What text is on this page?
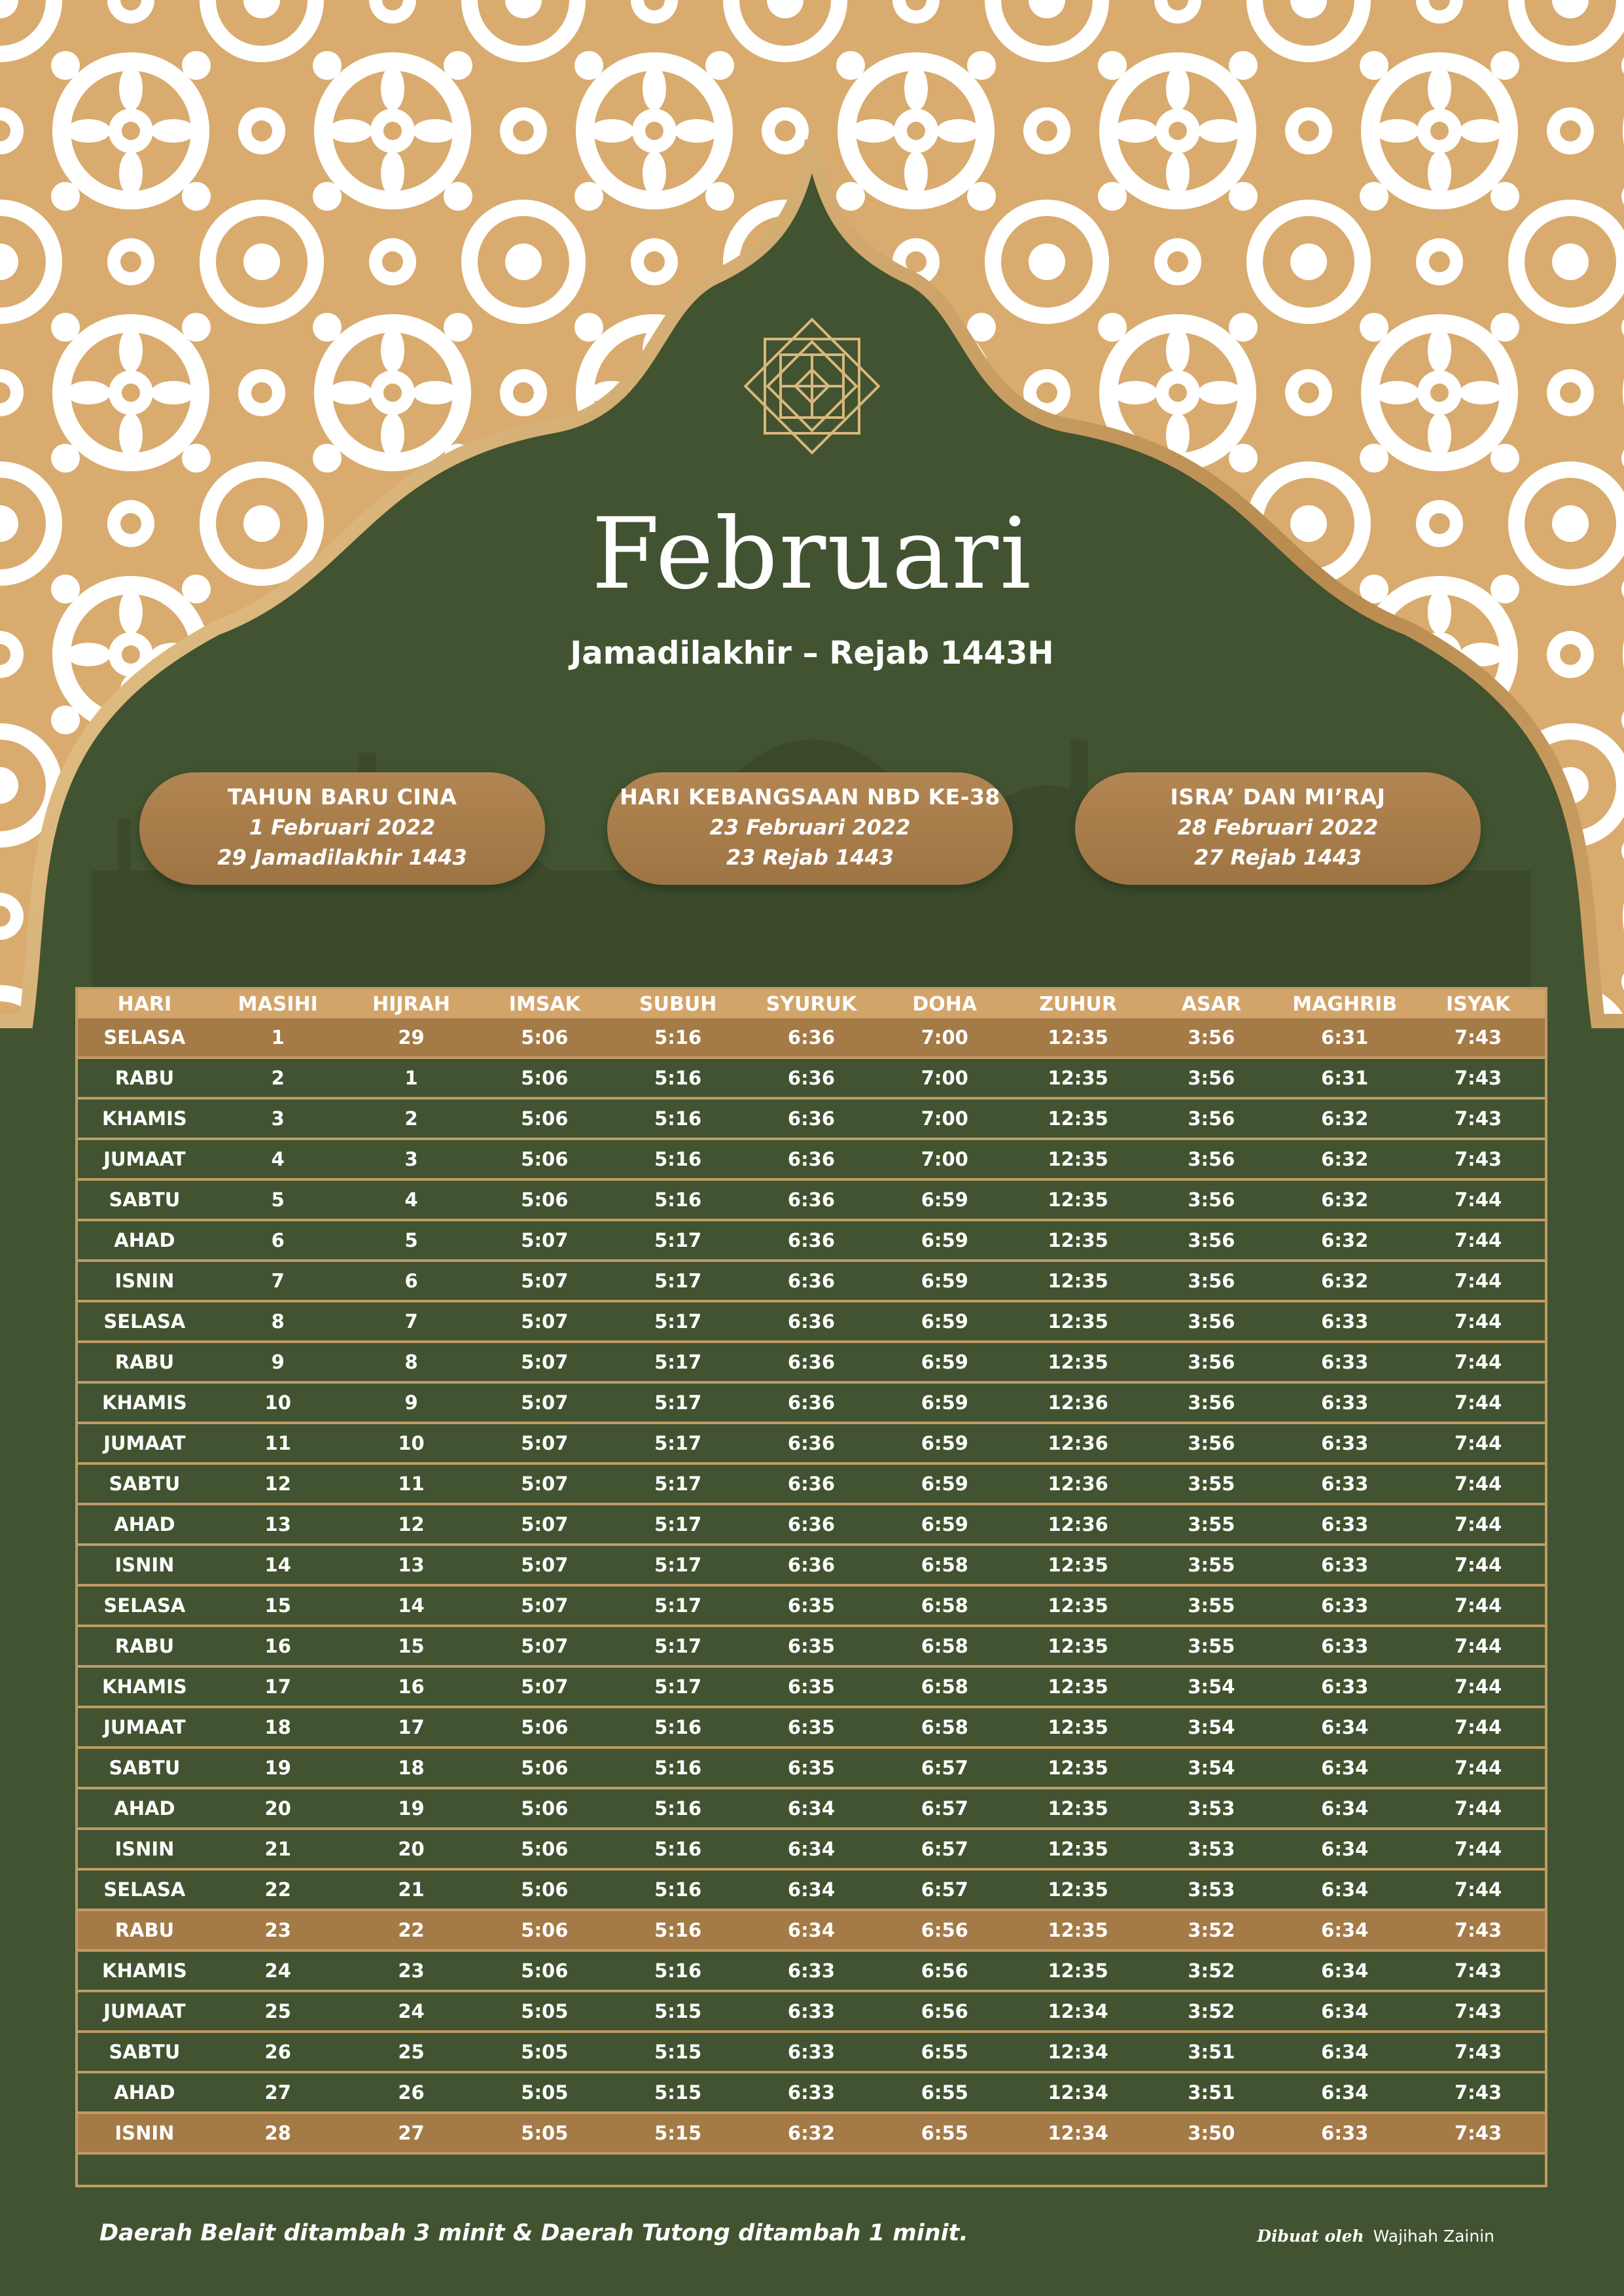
Februari
Jamadilakhir – Rejab 1443H
TAHUN BARU CINA
1 Februari 2022
29 Jamadilakhir 1443
HARI KEBANGSAAN NBD KE-38
23 Februari 2022
23 Rejab 1443
ISRA’ DAN MI’RAJ
28 Februari 2022
27 Rejab 1443
HARI	MASIHI	HIJRAH	IMSAK	SUBUH	SYURUK	DOHA	ZUHUR	ASAR	MAGHRIB	ISYAK
SELASA	1	29	5:06	5:16	6:36	7:00	12:35	3:56	6:31	7:43
RABU	2	1	5:06	5:16	6:36	7:00	12:35	3:56	6:31	7:43
KHAMIS	3	2	5:06	5:16	6:36	7:00	12:35	3:56	6:32	7:43
JUMAAT	4	3	5:06	5:16	6:36	7:00	12:35	3:56	6:32	7:43
SABTU	5	4	5:06	5:16	6:36	6:59	12:35	3:56	6:32	7:44
AHAD	6	5	5:07	5:17	6:36	6:59	12:35	3:56	6:32	7:44
ISNIN	7	6	5:07	5:17	6:36	6:59	12:35	3:56	6:32	7:44
SELASA	8	7	5:07	5:17	6:36	6:59	12:35	3:56	6:33	7:44
RABU	9	8	5:07	5:17	6:36	6:59	12:35	3:56	6:33	7:44
KHAMIS	10	9	5:07	5:17	6:36	6:59	12:36	3:56	6:33	7:44
JUMAAT	11	10	5:07	5:17	6:36	6:59	12:36	3:56	6:33	7:44
SABTU	12	11	5:07	5:17	6:36	6:59	12:36	3:55	6:33	7:44
AHAD	13	12	5:07	5:17	6:36	6:59	12:36	3:55	6:33	7:44
ISNIN	14	13	5:07	5:17	6:36	6:58	12:35	3:55	6:33	7:44
SELASA	15	14	5:07	5:17	6:35	6:58	12:35	3:55	6:33	7:44
RABU	16	15	5:07	5:17	6:35	6:58	12:35	3:55	6:33	7:44
KHAMIS	17	16	5:07	5:17	6:35	6:58	12:35	3:54	6:33	7:44
JUMAAT	18	17	5:06	5:16	6:35	6:58	12:35	3:54	6:34	7:44
SABTU	19	18	5:06	5:16	6:35	6:57	12:35	3:54	6:34	7:44
AHAD	20	19	5:06	5:16	6:34	6:57	12:35	3:53	6:34	7:44
ISNIN	21	20	5:06	5:16	6:34	6:57	12:35	3:53	6:34	7:44
SELASA	22	21	5:06	5:16	6:34	6:57	12:35	3:53	6:34	7:44
RABU	23	22	5:06	5:16	6:34	6:56	12:35	3:52	6:34	7:43
KHAMIS	24	23	5:06	5:16	6:33	6:56	12:35	3:52	6:34	7:43
JUMAAT	25	24	5:05	5:15	6:33	6:56	12:34	3:52	6:34	7:43
SABTU	26	25	5:05	5:15	6:33	6:55	12:34	3:51	6:34	7:43
AHAD	27	26	5:05	5:15	6:33	6:55	12:34	3:51	6:34	7:43
ISNIN	28	27	5:05	5:15	6:32	6:55	12:34	3:50	6:33	7:43
Daerah Belait ditambah 3 minit & Daerah Tutong ditambah 1 minit.	Dibuat oleh Wajihah Zainin
